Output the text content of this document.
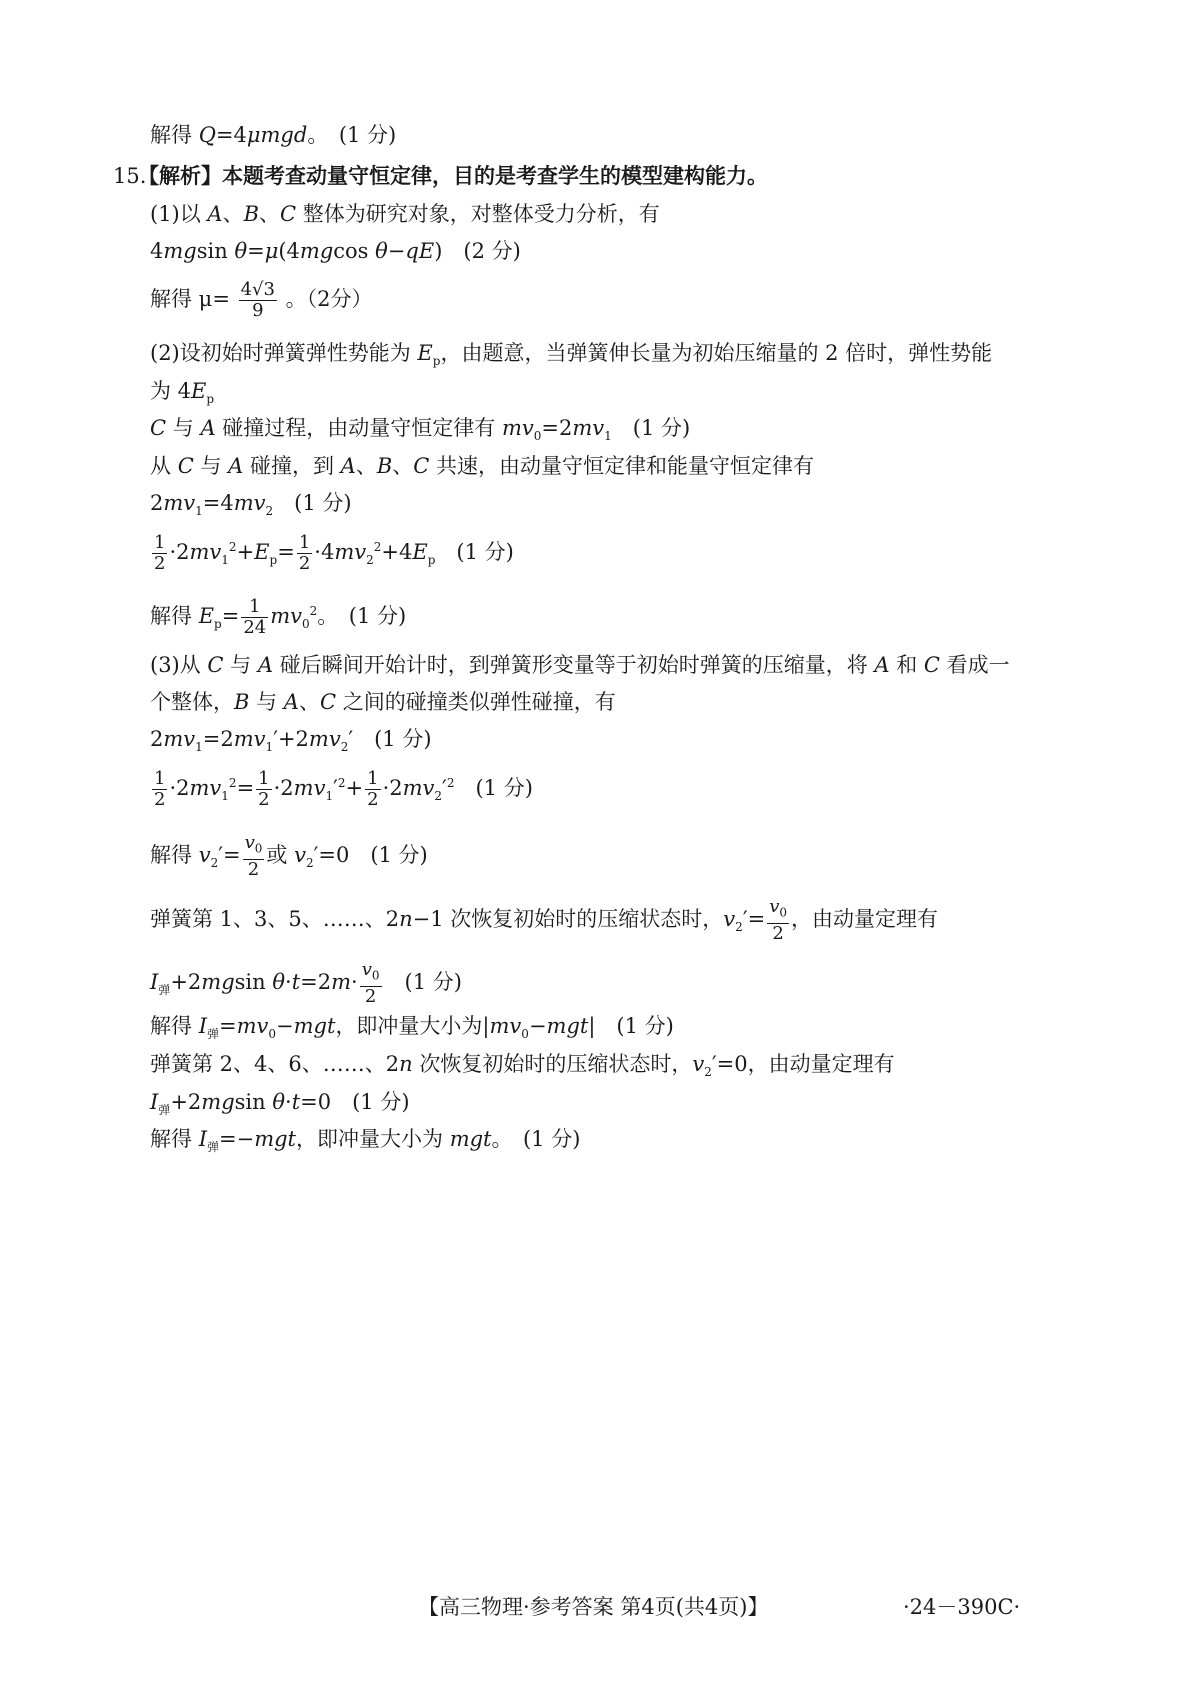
解得 Q=4μmgd。　(1 分)
15.
【解析】本题考查动量守恒定律，目的是考查学生的模型建构能力。
(1)以 A、B、C 整体为研究对象，对整体受力分析，有
4mgsin θ=μ(4mgcos θ−qE)　(2 分)
解得 $\mu= \frac{4√3}{9}$ 。（2分）
(2)设初始时弹簧弹性势能为 $E_p$，由题意，当弹簧伸长量为初始压缩量的 2 倍时，弹性势能
为 $4E_p$
C 与 A 碰撞过程，由动量守恒定律有 $mv_0=2mv_1$　(1 分)
从 C 与 A 碰撞，到 A、B、C 共速，由动量守恒定律和能量守恒定律有
$2mv_1=4mv_2$　(1 分)
$\frac{1}{2} \cdot 2mv_1^2+E_p= \frac{1}{2} \cdot 4mv_2^2+4E_p$　(1 分)
解得 $E_p= \frac{1}{24} mv_0^2$。　(1 分)
(3)从 C 与 A 碰后瞬间开始计时，到弹簧形变量等于初始时弹簧的压缩量，将 A 和 C 看成一
个整体，B 与 A、C 之间的碰撞类似弹性碰撞，有
$2mv_1=2mv_1'+2mv_2'$　(1 分)
$\frac{1}{2} \cdot 2mv_1^2= \frac{1}{2} \cdot 2mv_1'^2+ \frac{1}{2} \cdot 2mv_2'^2$　(1 分)
解得 $v_2'= \frac{v_0}{2}$ 或 $v_2'=0$　(1 分)
弹簧第 1、3、5、……、2n−1 次恢复初始时的压缩状态时，$v_2'= \frac{v_0}{2}$ ，由动量定理有
$I_弹+2mgsin$ $\theta\cdot t=2m\cdot \frac{v_0}{2}$ 　(1 分)
解得 $I_弹=mv_0-mgt$，即冲量大小为$|mv_0-mgt|$　(1 分)
弹簧第 2、4、6、……、2n 次恢复初始时的压缩状态时，$v_2'=0$，由动量定理有
$I_弹+2mgsin$ θ·t=0　(1 分)
解得 $I_弹=-mgt$，即冲量大小为 mgt。　(1 分)
【高三物理·参考答案 第4页(共4页)】	·24－390C·
